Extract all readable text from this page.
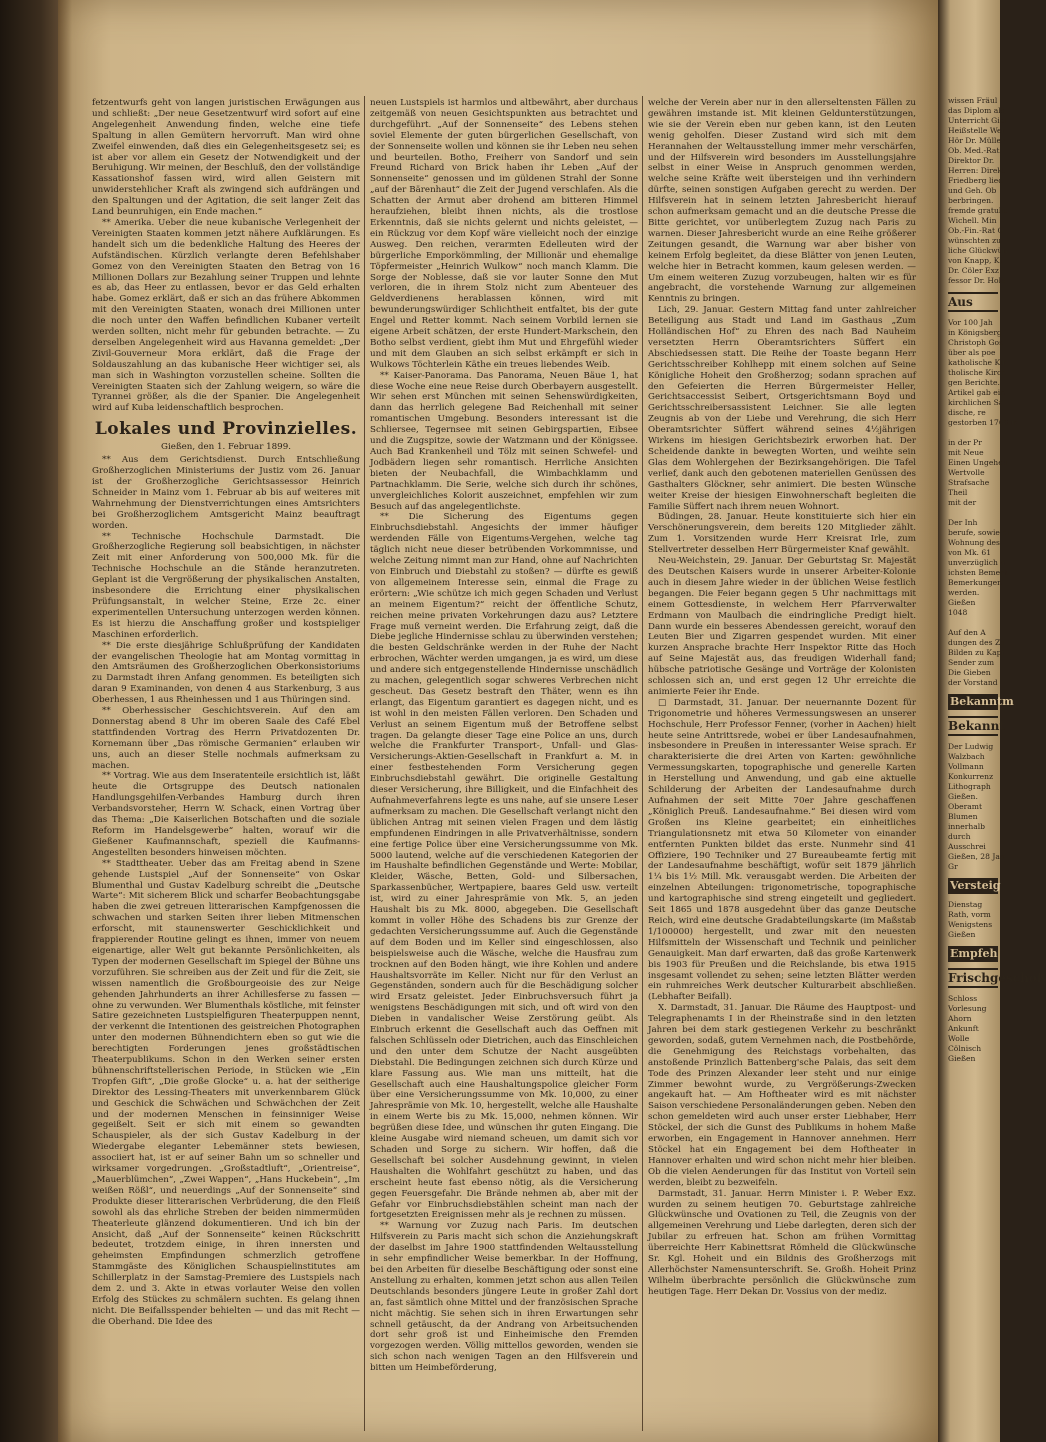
fetzentwurfs geht von langen juristischen Erwägungen aus und schließt: „Der neue Gesetzentwurf wird sofort auf eine Angelegenheit Anwendung finden, welche eine tiefe Spaltung in allen Gemütern hervorruft. Man wird ohne Zweifel einwenden, daß dies ein Gelegenheitsgesetz sei; es ist aber vor allem ein Gesetz der Notwendigkeit und der Beruhigung. Wir meinen, der Beschluß, den der vollständige Kassationshof fassen wird, wird allen Geistern mit unwiderstehlicher Kraft als zwingend sich aufdrängen und den Spaltungen und der Agitation, die seit langer Zeit das Land beunruhigen, ein Ende machen.“

** Amerika. Ueber die neue kubanische Verlegenheit der Vereinigten Staaten kommen jetzt nähere Aufklärungen. Es handelt sich um die bedenkliche Haltung des Heeres der Aufständischen. Kürzlich verlangte deren Befehlshaber Gomez von den Vereinigten Staaten den Betrag von 16 Millionen Dollars zur Bezahlung seiner Truppen und lehnte es ab, das Heer zu entlassen, bevor er das Geld erhalten habe. Gomez erklärt, daß er sich an das frühere Abkommen mit den Vereinigten Staaten, wonach drei Millionen unter die noch unter den Waffen befindlichen Kubaner verteilt werden sollten, nicht mehr für gebunden betrachte. — Zu derselben Angelegenheit wird aus Havanna gemeldet: „Der Zivil-Gouverneur Mora erklärt, daß die Frage der Soldauszahlung an das kubanische Heer wichtiger sei, als man sich in Washington vorzustellen scheine. Sollten die Vereinigten Staaten sich der Zahlung weigern, so wäre die Tyrannei größer, als die der Spanier. Die Angelegenheit wird auf Kuba leidenschaftlich besprochen.

Lokales und Provinzielles.
Gießen, den 1. Februar 1899.

** Aus dem Gerichtsdienst. Durch Entschließung Großherzoglichen Ministeriums der Justiz vom 26. Januar ist der Großherzogliche Gerichtsassessor Heinrich Schneider in Mainz vom 1. Februar ab bis auf weiteres mit Wahrnehmung der Dienstverrichtungen eines Amtsrichters bei Großherzoglichem Amtsgericht Mainz beauftragt worden.

** Technische Hochschule Darmstadt. Die Großherzogliche Regierung soll beabsichtigen, in nächster Zeit mit einer Anforderung von 500,000 Mk. für die Technische Hochschule an die Stände heranzutreten. Geplant ist die Vergrößerung der physikalischen Anstalten, insbesondere die Errichtung einer physikalischen Prüfungsanstalt, in welcher Steine, Erze 2c. einer experimentellen Untersuchung unterzogen werden können. Es ist hierzu die Anschaffung großer und kostspieliger Maschinen erforderlich.

** Die erste diesjährige Schlußprüfung der Kandidaten der evangelischen Theologie hat am Montag vormittag in den Amtsräumen des Großherzoglichen Oberkonsistoriums zu Darmstadt ihren Anfang genommen. Es beteiligten sich daran 9 Examinanden, von denen 4 aus Starkenburg, 3 aus Oberhessen, 1 aus Rheinhessen und 1 aus Thüringen sind.

** Oberhessischer Geschichtsverein. Auf den am Donnerstag abend 8 Uhr im oberen Saale des Café Ebel stattfindenden Vortrag des Herrn Privatdozenten Dr. Kornemann über „Das römische Germanien“ erlauben wir uns, auch an dieser Stelle nochmals aufmerksam zu machen.

** Vortrag. Wie aus dem Inseratenteile ersichtlich ist, läßt heute die Ortsgruppe des Deutsch nationalen Handlungsgehilfen-Verbandes Hamburg durch ihren Verbandsvorsteher, Herrn W. Schack, einen Vortrag über das Thema: „Die Kaiserlichen Botschaften und die soziale Reform im Handelsgewerbe“ halten, worauf wir die Gießener Kaufmannschaft, speziell die Kaufmanns-Angestellten besonders hinweisen möchten.

** Stadttheater. Ueber das am Freitag abend in Szene gehende Lustspiel „Auf der Sonnenseite“ von Oskar Blumenthal und Gustav Kadelburg schreibt die „Deutsche Warte“: Mit sicherem Blick und scharfer Beobachtungsgabe haben die zwei getreuen litterarischen Kampfgenossen die schwachen und starken Seiten ihrer lieben Mitmenschen erforscht, mit staunenswerter Geschicklichkeit und frappierender Routine gelingt es ihnen, immer von neuem eigenartige, aller Welt gut bekannte Persönlichkeiten, als Typen der modernen Gesellschaft im Spiegel der Bühne uns vorzuführen. Sie schreiben aus der Zeit und für die Zeit, sie wissen namentlich die Großbourgeoisie des zur Neige gehenden Jahrhunderts an ihrer Achillesferse zu fassen — ohne zu verwunden. Wer Blumenthals köstliche, mit feinster Satire gezeichneten Lustspielfiguren Theaterpuppen nennt, der verkennt die Intentionen des geistreichen Photographen unter den modernen Bühnendichtern eben so gut wie die berechtigten Forderungen jenes großstädtischen Theaterpublikums. Schon in den Werken seiner ersten bühnenschriftstellerischen Periode, in Stücken wie „Ein Tropfen Gift“, „Die große Glocke“ u. a. hat der seitherige Direktor des Lessing-Theaters mit unverkennbarem Glück und Geschick die Schwächen und Schwächchen der Zeit und der modernen Menschen in feinsinniger Weise gegeißelt. Seit er sich mit einem so gewandten Schauspieler, als der sich Gustav Kadelburg in der Wiedergabe eleganter Lebemänner stets bewiesen, associiert hat, ist er auf seiner Bahn um so schneller und wirksamer vorgedrungen. „Großstadtluft“, „Orientreise“, „Mauerblümchen“, „Zwei Wappen“, „Hans Huckebein“, „Im weißen Rößl“, und neuerdings „Auf der Sonnenseite“ sind Produkte dieser litterarischen Verbrüderung, die den Fleiß sowohl als das ehrliche Streben der beiden nimmermüden Theaterleute glänzend dokumentieren. Und ich bin der Ansicht, daß „Auf der Sonnenseite“ keinen Rückschritt bedeutet, trotzdem einige, in ihren innersten und geheimsten Empfindungen schmerzlich getroffene Stammgäste des Königlichen Schauspielinstitutes am Schillerplatz in der Samstag-Premiere des Lustspiels nach dem 2. und 3. Akte in etwas vorlauter Weise den vollen Erfolg des Stückes zu schmälern suchten. Es gelang ihnen nicht. Die Beifallsspender behielten — und das mit Recht — die Oberhand. Die Idee des

neuen Lustspiels ist harmlos und altbewährt, aber durchaus zeitgemäß von neuen Gesichtspunkten aus betrachtet und durchgeführt. „Auf der Sonnenseite“ des Lebens stehen soviel Elemente der guten bürgerlichen Gesellschaft, von der Sonnenseite wollen und können sie ihr Leben neu sehen und beurteilen. Botho, Freiherr von Sandorf und sein Freund Richard von Brick haben ihr Leben „Auf der Sonnenseite“ genossen und im güldenen Strahl der Sonne „auf der Bärenhaut“ die Zeit der Jugend verschlafen. Als die Schatten der Armut aber drohend am bitteren Himmel heraufziehen, bleibt ihnen nichts, als die trostlose Erkenntnis, daß sie nichts gelernt und nichts geleistet, — ein Rückzug vor dem Kopf wäre vielleicht noch der einzige Ausweg. Den reichen, verarmten Edelleuten wird der bürgerliche Emporkömmling, der Millionär und ehemalige Töpfermeister „Heinrich Wulkow“ noch manch Klamm. Die Sorge der Noblesse, daß sie vor lauter Sonne den Mut verloren, die in ihrem Stolz nicht zum Abenteuer des Geldverdienens herablassen können, wird mit bewunderungswürdiger Schlichtheit entfaltet, bis der gute Engel und Retter kommt. Nach seinem Vorbild lernen sie eigene Arbeit schätzen, der erste Hundert-Markschein, den Botho selbst verdient, giebt ihm Mut und Ehrgefühl wieder und mit dem Glauben an sich selbst erkämpft er sich in Wulkows Töchterlein Käthe ein treues liebendes Weib.

** Kaiser-Panorama. Das Panorama, Neuen Bäue 1, hat diese Woche eine neue Reise durch Oberbayern ausgestellt. Wir sehen erst München mit seinen Sehenswürdigkeiten, dann das herrlich gelegene Bad Reichenhall mit seiner romantischen Umgebung. Besonders interessant ist die Schliersee, Tegernsee mit seinen Gebirgspartien, Eibsee und die Zugspitze, sowie der Watzmann und der Königssee. Auch Bad Krankenheil und Tölz mit seinen Schwefel- und Jodbädern liegen sehr romantisch. Herrliche Ansichten bieten der Neubachfall, die Wimbachklamm und Partnachklamm. Die Serie, welche sich durch ihr schönes, unvergleichliches Kolorit auszeichnet, empfehlen wir zum Besuch auf das angelegentlichste.

** Die Sicherung des Eigentums gegen Einbruchsdiebstahl. Angesichts der immer häufiger werdenden Fälle von Eigentums-Vergehen, welche tag täglich nicht neue dieser betrübenden Vorkommnisse, und welche Zeitung nimmt man zur Hand, ohne auf Nachrichten von Einbruch und Diebstahl zu stoßen? — dürfte es gewiß von allgemeinem Interesse sein, einmal die Frage zu erörtern: „Wie schütze ich mich gegen Schaden und Verlust an meinem Eigentum?“ reicht der öffentliche Schutz, reichen meine privaten Vorkehrungen dazu aus? Letztere Frage muß verneint werden. Die Erfahrung zeigt, daß die Diebe jegliche Hindernisse schlau zu überwinden verstehen; die besten Geldschränke werden in der Ruhe der Nacht erbrochen, Wächter werden umgangen, ja es wird, um diese und andere sich entgegenstellende Hindernisse unschädlich zu machen, gelegentlich sogar schweres Verbrechen nicht gescheut. Das Gesetz bestraft den Thäter, wenn es ihn erlangt, das Eigentum garantiert es dagegen nicht, und es ist wohl in den meisten Fällen verloren. Den Schaden und Verlust an seinem Eigentum muß der Betroffene selbst tragen. Da gelangte dieser Tage eine Police an uns, durch welche die Frankfurter Transport-, Unfall- und Glas-Versicherungs-Aktien-Gesellschaft in Frankfurt a. M. in einer festbestehenden Form Versicherung gegen Einbruchsdiebstahl gewährt. Die originelle Gestaltung dieser Versicherung, ihre Billigkeit, und die Einfachheit des Aufnahmeverfahrens legte es uns nahe, auf sie unsere Leser aufmerksam zu machen. Die Gesellschaft verlangt nicht den üblichen Antrag mit seinen vielen Fragen und dem lästig empfundenen Eindringen in alle Privatverhältnisse, sondern eine fertige Police über eine Versicherungssumme von Mk. 5000 lautend, welche auf die verschiedenen Kategorien der im Haushalte befindlichen Gegenstände und Werte: Mobilar, Kleider, Wäsche, Betten, Gold- und Silbersachen, Sparkassenbücher, Wertpapiere, baares Geld usw. verteilt ist, wird zu einer Jahresprämie von Mk. 5, an jeden Haushalt bis zu Mk. 8000, abgegeben. Die Gesellschaft kommt in voller Höhe des Schadens bis zur Grenze der gedachten Versicherungssumme auf. Auch die Gegenstände auf dem Boden und im Keller sind eingeschlossen, also beispielsweise auch die Wäsche, welche die Hausfrau zum trocknen auf den Boden hängt, wie ihre Kohlen und andere Haushaltsvorräte im Keller. Nicht nur für den Verlust an Gegenständen, sondern auch für die Beschädigung solcher wird Ersatz geleistet. Jeder Einbruchsversuch führt ja wenigstens Beschädigungen mit sich, und oft wird von den Dieben in vandalischer Weise Zerstörung geübt. Als Einbruch erkennt die Gesellschaft auch das Oeffnen mit falschen Schlüsseln oder Dietrichen, auch das Einschleichen und den unter dem Schutze der Nacht ausgeübten Diebstahl. Die Bedingungen zeichnen sich durch Kürze und klare Fassung aus. Wie man uns mitteilt, hat die Gesellschaft auch eine Haushaltungspolice gleicher Form über eine Versicherungssumme von Mk. 10,000, zu einer Jahresprämie von Mk. 10, hergestellt, welche alle Haushalte in einem Werte bis zu Mk. 15,000, nehmen können. Wir begrüßen diese Idee, und wünschen ihr guten Eingang. Die kleine Ausgabe wird niemand scheuen, um damit sich vor Schaden und Sorge zu sichern. Wir hoffen, daß die Gesellschaft bei solcher Ausdehnung gewinnt, in vielen Haushalten die Wohlfahrt geschützt zu haben, und das erscheint heute fast ebenso nötig, als die Versicherung gegen Feuersgefahr. Die Brände nehmen ab, aber mit der Gefahr vor Einbruchsdiebstählen scheint man nach der fortgesetzten Ereignissen mehr als je rechnen zu müssen.

** Warnung vor Zuzug nach Paris. Im deutschen Hilfsverein zu Paris macht sich schon die Anziehungskraft der daselbst im Jahre 1900 stattfindenden Weltausstellung in sehr empfindlicher Weise bemerkbar. In der Hoffnung, bei den Arbeiten für dieselbe Beschäftigung oder sonst eine Anstellung zu erhalten, kommen jetzt schon aus allen Teilen Deutschlands besonders jüngere Leute in großer Zahl dort an, fast sämtlich ohne Mittel und der französischen Sprache nicht mächtig. Sie sehen sich in ihren Erwartungen sehr schnell getäuscht, da der Andrang von Arbeitsuchenden dort sehr groß ist und Einheimische den Fremden vorgezogen werden. Völlig mittellos geworden, wenden sie sich schon nach wenigen Tagen an den Hilfsverein und bitten um Heimbeförderung,

welche der Verein aber nur in den allerseltensten Fällen zu gewähren imstande ist. Mit kleinen Geldunterstützungen, wie sie der Verein eben nur geben kann, ist den Leuten wenig geholfen. Dieser Zustand wird sich mit dem Herannahen der Weltausstellung immer mehr verschärfen, und der Hilfsverein wird besonders im Ausstellungsjahre selbst in einer Weise in Anspruch genommen werden, welche seine Kräfte weit übersteigen und ihn verhindern dürfte, seinen sonstigen Aufgaben gerecht zu werden. Der Hilfsverein hat in seinem letzten Jahresbericht hierauf schon aufmerksam gemacht und an die deutsche Presse die Bitte gerichtet, vor unüberlegtem Zuzug nach Paris zu warnen. Dieser Jahresbericht wurde an eine Reihe größerer Zeitungen gesandt, die Warnung war aber bisher von keinem Erfolg begleitet, da diese Blätter von jenen Leuten, welche hier in Betracht kommen, kaum gelesen werden. — Um einem weiteren Zuzug vorzubeugen, halten wir es für angebracht, die vorstehende Warnung zur allgemeinen Kenntnis zu bringen.

Lich, 29. Januar. Gestern Mittag fand unter zahlreicher Beteiligung aus Stadt und Land im Gasthaus „Zum Holländischen Hof“ zu Ehren des nach Bad Nauheim versetzten Herrn Oberamtsrichters Süffert ein Abschiedsessen statt. Die Reihe der Toaste begann Herr Gerichtsschreiber Kohlhepp mit einem solchen auf Seine Königliche Hoheit den Großherzog; sodann sprachen auf den Gefeierten die Herren Bürgermeister Heller, Gerichtsaccessist Seibert, Ortsgerichtsmann Boyd und Gerichtsschreibersassistent Leichner. Sie alle legten Zeugnis ab von der Liebe und Verehrung, die sich Herr Oberamtsrichter Süffert während seines 4½jährigen Wirkens im hiesigen Gerichtsbezirk erworben hat. Der Scheidende dankte in bewegten Worten, und weihte sein Glas dem Wohlergehen der Bezirksangehörigen. Die Tafel verlief, dank auch den gebotenen materiellen Genüssen des Gasthalters Glöckner, sehr animiert. Die besten Wünsche weiter Kreise der hiesigen Einwohnerschaft begleiten die Familie Süffert nach ihrem neuen Wohnort.

Büdingen, 28. Januar. Heute konstituierte sich hier ein Verschönerungsverein, dem bereits 120 Mitglieder zählt. Zum 1. Vorsitzenden wurde Herr Kreisrat Irle, zum Stellvertreter desselben Herr Bürgermeister Knaf gewählt.

Neu-Weichstein, 29. Januar. Der Geburtstag Sr. Majestät des Deutschen Kaisers wurde in unserer Arbeiter-Kolonie auch in diesem Jahre wieder in der üblichen Weise festlich begangen. Die Feier begann gegen 5 Uhr nachmittags mit einem Gottesdienste, in welchem Herr Pfarrverwalter Erdmann von Maulbach die eindringliche Predigt hielt. Dann wurde ein besseres Abendessen gereicht, worauf den Leuten Bier und Zigarren gespendet wurden. Mit einer kurzen Ansprache brachte Herr Inspektor Ritte das Hoch auf Seine Majestät aus, das freudigen Widerhall fand; hübsche patriotische Gesänge und Vorträge der Kolonisten schlossen sich an, und erst gegen 12 Uhr erreichte die animierte Feier ihr Ende.

□ Darmstadt, 31. Januar. Der neuernannte Dozent für Trigonometrie und höheres Vermessungswesen an unserer Hochschule, Herr Professor Fenner, (vorher in Aachen) hielt heute seine Antrittsrede, wobei er über Landesaufnahmen, insbesondere in Preußen in interessanter Weise sprach. Er charakterisierte die drei Arten von Karten: gewöhnliche Vermessungskarten, topographische und generelle Karten in Herstellung und Anwendung, und gab eine aktuelle Schilderung der Arbeiten der Landesaufnahme durch Aufnahmen der seit Mitte 70er Jahre geschaffenen „Königlich Preuß. Landesaufnahme.“ Bei diesen wird vom Großen ins Kleine gearbeitet; ein einheitliches Triangulationsnetz mit etwa 50 Kilometer von einander entfernten Punkten bildet das erste. Nunmehr sind 41 Offiziere, 190 Techniker und 27 Bureaubeamte fertig mit der Landesaufnahme beschäftigt, wofür seit 1879 jährlich 1¼ bis 1½ Mill. Mk. verausgabt werden. Die Arbeiten der einzelnen Abteilungen: trigonometrische, topographische und kartographische sind streng eingeteilt und gegliedert. Seit 1865 und 1878 ausgedehnt über das ganze Deutsche Reich, wird eine deutsche Gradabteilungskarte (im Maßstab 1/100000) hergestellt, und zwar mit den neuesten Hilfsmitteln der Wissenschaft und Technik und peinlicher Genauigkeit. Man darf erwarten, daß das große Kartenwerk bis 1903 für Preußen und die Reichslande, bis etwa 1915 insgesamt vollendet zu sehen; seine letzten Blätter werden ein ruhmreiches Werk deutscher Kulturarbeit abschließen. (Lebhafter Beifall).

X. Darmstadt, 31. Januar. Die Räume des Hauptpost- und Telegraphenamts I in der Rheinstraße sind in den letzten Jahren bei dem stark gestiegenen Verkehr zu beschränkt geworden, sodaß, gutem Vernehmen nach, die Postbehörde, die Genehmigung des Reichstags vorbehalten, das anstoßende Prinzlich Battenberg'sche Palais, das seit dem Tode des Prinzen Alexander leer steht und nur einige Zimmer bewohnt wurde, zu Vergrößerungs-Zwecken angekauft hat. — Am Hoftheater wird es mit nächster Saison verschiedene Personaländerungen geben. Neben den schon gemeldeten wird auch unser erster Liebhaber, Herr Stöckel, der sich die Gunst des Publikums in hohem Maße erworben, ein Engagement in Hannover annehmen. Herr Stöckel hat ein Engagement bei dem Hoftheater in Hannover erhalten und wird schon nicht mehr hier bleiben. Ob die vielen Aenderungen für das Institut von Vorteil sein werden, bleibt zu bezweifeln.

Darmstadt, 31. Januar. Herrn Minister i. P. Weber Exz. wurden zu seinem heutigen 70. Geburtstage zahlreiche Glückwünsche und Ovationen zu Teil, die Zeugnis von der allgemeinen Verehrung und Liebe darlegten, deren sich der Jubilar zu erfreuen hat. Schon am frühen Vormittag überreichte Herr Kabinettsrat Römheld die Glückwünsche Sr. Kgl. Hoheit und ein Bildnis des Großherzogs mit Allerhöchster Namensunterschrift. Se. Großh. Hoheit Prinz Wilhelm überbrachte persönlich die Glückwünsche zum heutigen Tage. Herr Dekan Dr. Vossius von der mediz.

wissen Fräul
das Diplom als
Unterricht Gief
Heißstelle Wer
Hör Dr. Müller
Ob. Med.-Rat
Direktor Dr.
Herren: Direkt
Friedberg lied
und Geh. Ob
berbringen.
fremde gratulie
Wichell. Min
Ob.-Fin.-Rat G
wünschten zu
liche Glückwün
von Knapp, Ki
Dr. Cöler Exz
fessor Dr. Hold
Aus
Vor 100 Jah
in Königsberg
Christoph Gos
über als poe
katholische Kir
tholische Kirch
gen Berichte.
Artikel gab ein
kirchlichen Sa
dische, re
gestorben 1766 in

in der Pr
mit Neue
Einen Ungeheu
Wertvolle
Strafsache
Theil
mit der

Der Inh
berufe, sowie di
Wohnung des
von Mk. 61
unverzüglich a
ichsten Bemerk
Bemerkungen
werden.
Gießen
1048

Auf den A
dungen des Zol
Bilden zu Kapf
Sender zum
Die Gieben
der Vorstand
Bekanntm
Bekannt
Der Ludwig
Walzbach
Vollmann
Konkurrenz
Lithograph
Gießen.
Oberamt
Blumen
innerhalb
durch
Ausschrei
Gießen, 28 Jan
Gr
Versteig
Dienstag
Rath, vorm
Wenigstens
Gießen
Empfeh
Frischgeschoß
Schloss
Vorlesung
Ahorn
Ankunft
Wolle
Cölnisch
Gießen
